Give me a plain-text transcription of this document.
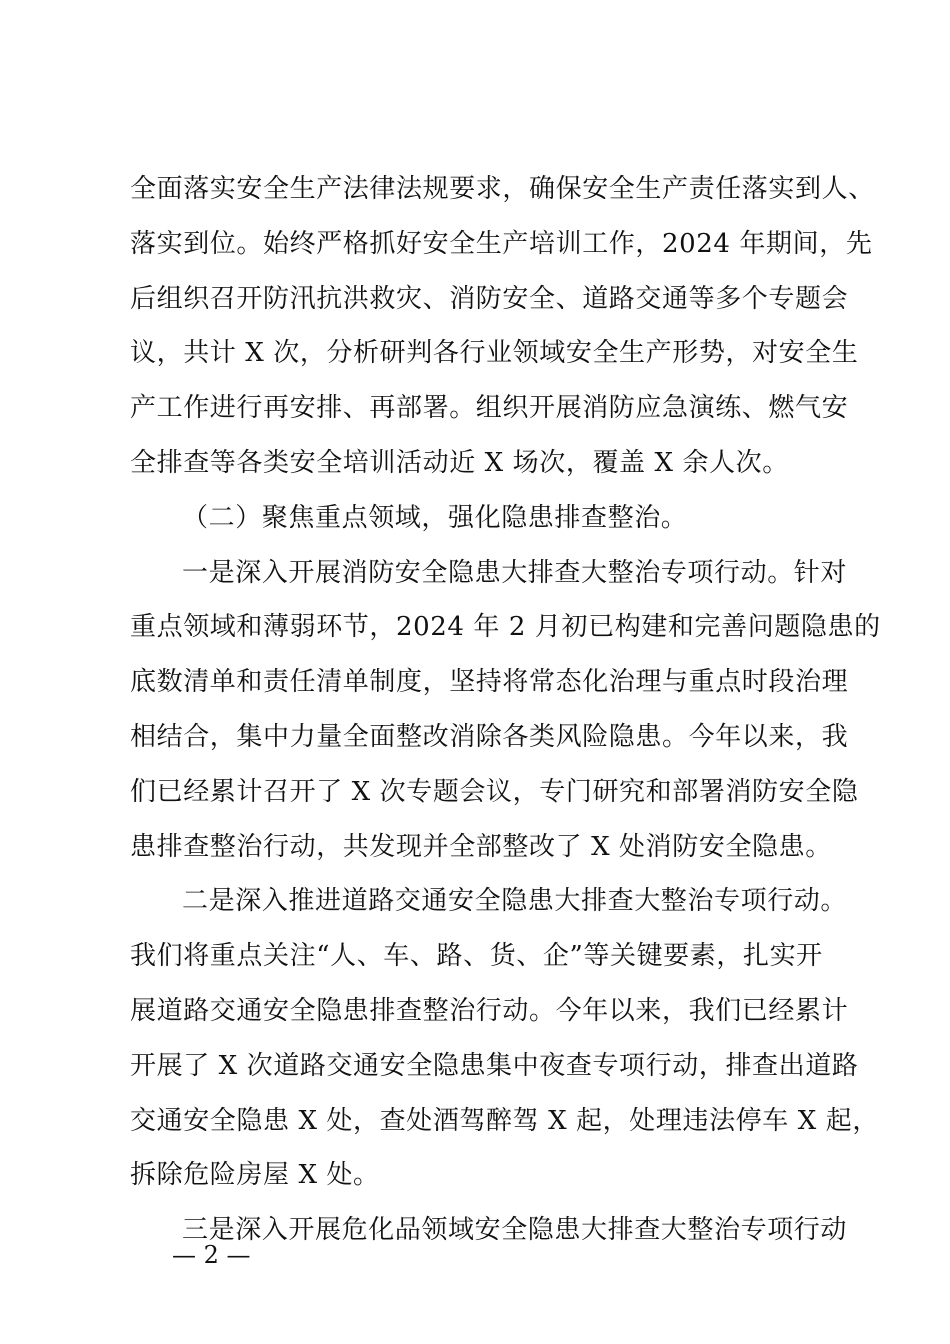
全面落实安全生产法律法规要求，确保安全生产责任落实到人、
落实到位。始终严格抓好安全生产培训工作，2024 年期间，先
后组织召开防汛抗洪救灾、消防安全、道路交通等多个专题会
议，共计 X 次，分析研判各行业领域安全生产形势，对安全生
产工作进行再安排、再部署。组织开展消防应急演练、燃气安
全排查等各类安全培训活动近 X 场次，覆盖 X 余人次。
（二）聚焦重点领域，强化隐患排查整治。
一是深入开展消防安全隐患大排查大整治专项行动。针对
重点领域和薄弱环节，2024 年 2 月初已构建和完善问题隐患的
底数清单和责任清单制度，坚持将常态化治理与重点时段治理
相结合，集中力量全面整改消除各类风险隐患。今年以来，我
们已经累计召开了 X 次专题会议，专门研究和部署消防安全隐
患排查整治行动，共发现并全部整改了 X 处消防安全隐患。
二是深入推进道路交通安全隐患大排查大整治专项行动。
我们将重点关注“人、车、路、货、企”等关键要素，扎实开
展道路交通安全隐患排查整治行动。今年以来，我们已经累计
开展了 X 次道路交通安全隐患集中夜查专项行动，排查出道路
交通安全隐患 X 处，查处酒驾醉驾 X 起，处理违法停车 X 起，
拆除危险房屋 X 处。
三是深入开展危化品领域安全隐患大排查大整治专项行动
— 2 —
